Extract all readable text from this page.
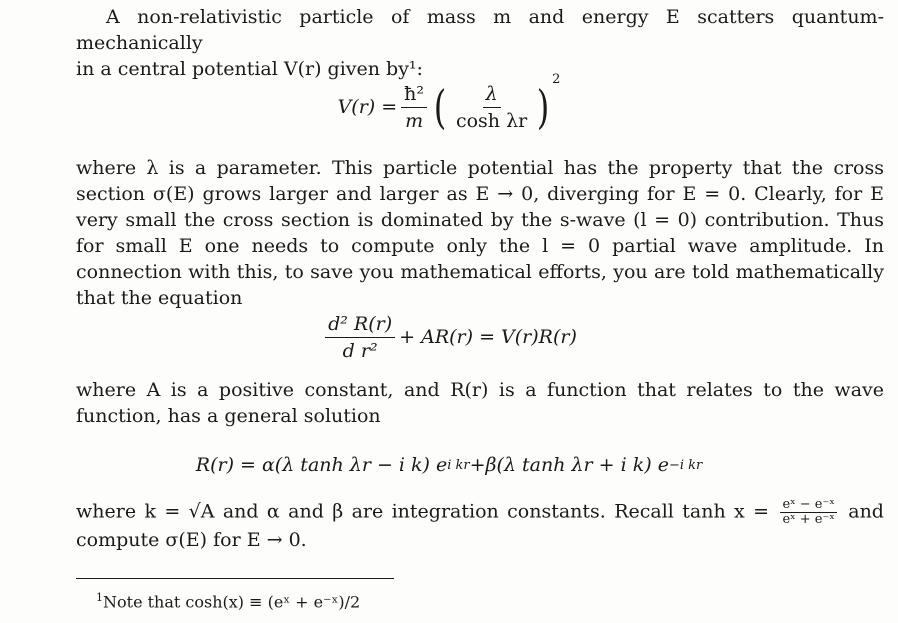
A non-relativistic particle of mass m and energy E scatters quantum-mechanically
in a central potential V(r) given by¹:
$V(r) = \frac{\text{ħ²}}{m}$ ( $\frac{\lambda}{\text{cosh λr}}$ )
2
where λ is a parameter. This particle potential has the property that the cross section σ(E) grows larger and larger as E → 0, diverging for E = 0. Clearly, for E very small the cross section is dominated by the s-wave (l = 0) contribution. Thus for small E one needs to compute only the l = 0 partial wave amplitude. In connection with this, to save you mathematical efforts, you are told mathematically that the equation
$\frac{\text{d² R(r)}}{\text{d r²}} + AR(r) = V(r)R(r)$
where A is a positive constant, and R(r) is a function that relates to the wave function, has a general solution
R(r) = α(λ tanh λr − i k) e i kr +β(λ tanh λr + i k) e −i kr
where k = √A and α and β are integration constants. Recall $\tanh x = \frac{\text{eˣ − e⁻ˣ}}{\text{eˣ + e⁻ˣ}}$ and compute σ(E) for E → 0.
$^1$Note that cosh(x) ≡ (eˣ + e⁻ˣ)/2
